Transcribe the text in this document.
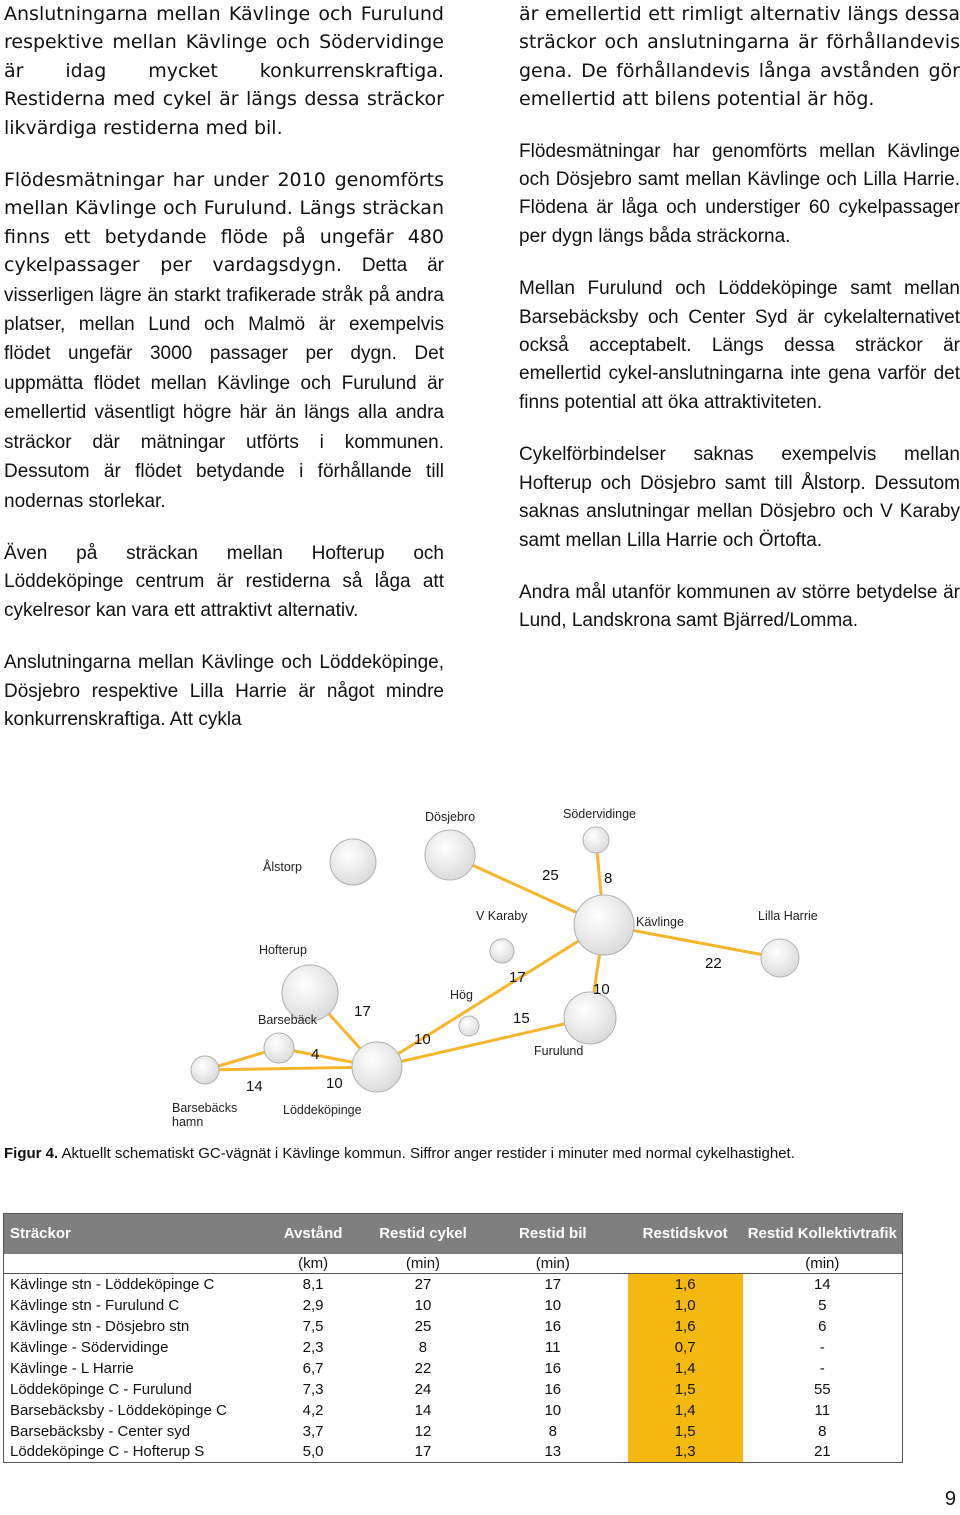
Anslutningarna mellan Kävlinge och Furulund respektive mellan Kävlinge och Södervidinge är idag mycket konkurrenskraftiga. Restiderna med cykel är längs dessa sträckor likvärdiga restiderna med bil.

Flödesmätningar har under 2010 genomförts mellan Kävlinge och Furulund. Längs sträckan finns ett betydande flöde på ungefär 480 cykelpassager per vardagsdygn. Detta är visserligen lägre än starkt trafikerade stråk på andra platser, mellan Lund och Malmö är exempelvis flödet ungefär 3000 passager per dygn. Det uppmätta flödet mellan Kävlinge och Furulund är emellertid väsentligt högre här än längs alla andra sträckor där mätningar utförts i kommunen. Dessutom är flödet betydande i förhållande till nodernas storlekar.

Även på sträckan mellan Hofterup och Löddeköpinge centrum är restiderna så låga att cykelresor kan vara ett attraktivt alternativ.

Anslutningarna mellan Kävlinge och Löddeköpinge, Dösjebro respektive Lilla Harrie är något mindre konkurrenskraftiga. Att cykla

är emellertid ett rimligt alternativ längs dessa sträckor och anslutningarna är förhållandevis gena. De förhållandevis långa avstånden gör emellertid att bilens potential är hög.

Flödesmätningar har genomförts mellan Kävlinge och Dösjebro samt mellan Kävlinge och Lilla Harrie. Flödena är låga och understiger 60 cykelpassager per dygn längs båda sträckorna.

Mellan Furulund och Löddeköpinge samt mellan Barsebäcksby och Center Syd är cykelalternativet också acceptabelt. Längs dessa sträckor är emellertid cykel-anslutningarna inte gena varför det finns potential att öka attraktiviteten.

Cykelförbindelser saknas exempelvis mellan Hofterup och Dösjebro samt till Ålstorp. Dessutom saknas anslutningar mellan Dösjebro och V Karaby samt mellan Lilla Harrie och Örtofta.

Andra mål utanför kommunen av större betydelse är Lund, Landskrona samt Bjärred/Lomma.

Dösjebro	Södervidinge
Ålstorp
V Karaby	Kävlinge	Lilla Harrie
Hofterup
Hög
Barsebäck
Furulund
Barsebäcks hamn
Löddeköpinge
25	8
22
17
10
15
17
10
4
14	10
Figur 4. Aktuellt schematiskt GC-vägnät i Kävlinge kommun. Siffror anger restider i minuter med normal cykelhastighet.
Sträckor	Avstånd	Restid cykel	Restid bil	Restidskvot	Restid Kollektivtrafik
	(km)	(min)	(min)		(min)
Kävlinge stn - Löddeköpinge C	8,1	27	17	1,6	14
Kävlinge stn - Furulund C	2,9	10	10	1,0	5
Kävlinge stn - Dösjebro stn	7,5	25	16	1,6	6
Kävlinge - Södervidinge	2,3	8	11	0,7	-
Kävlinge - L Harrie	6,7	22	16	1,4	-
Löddeköpinge C - Furulund	7,3	24	16	1,5	55
Barsebäcksby - Löddeköpinge C	4,2	14	10	1,4	11
Barsebäcksby - Center syd	3,7	12	8	1,5	8
Löddeköpinge C - Hofterup S	5,0	17	13	1,3	21
9
